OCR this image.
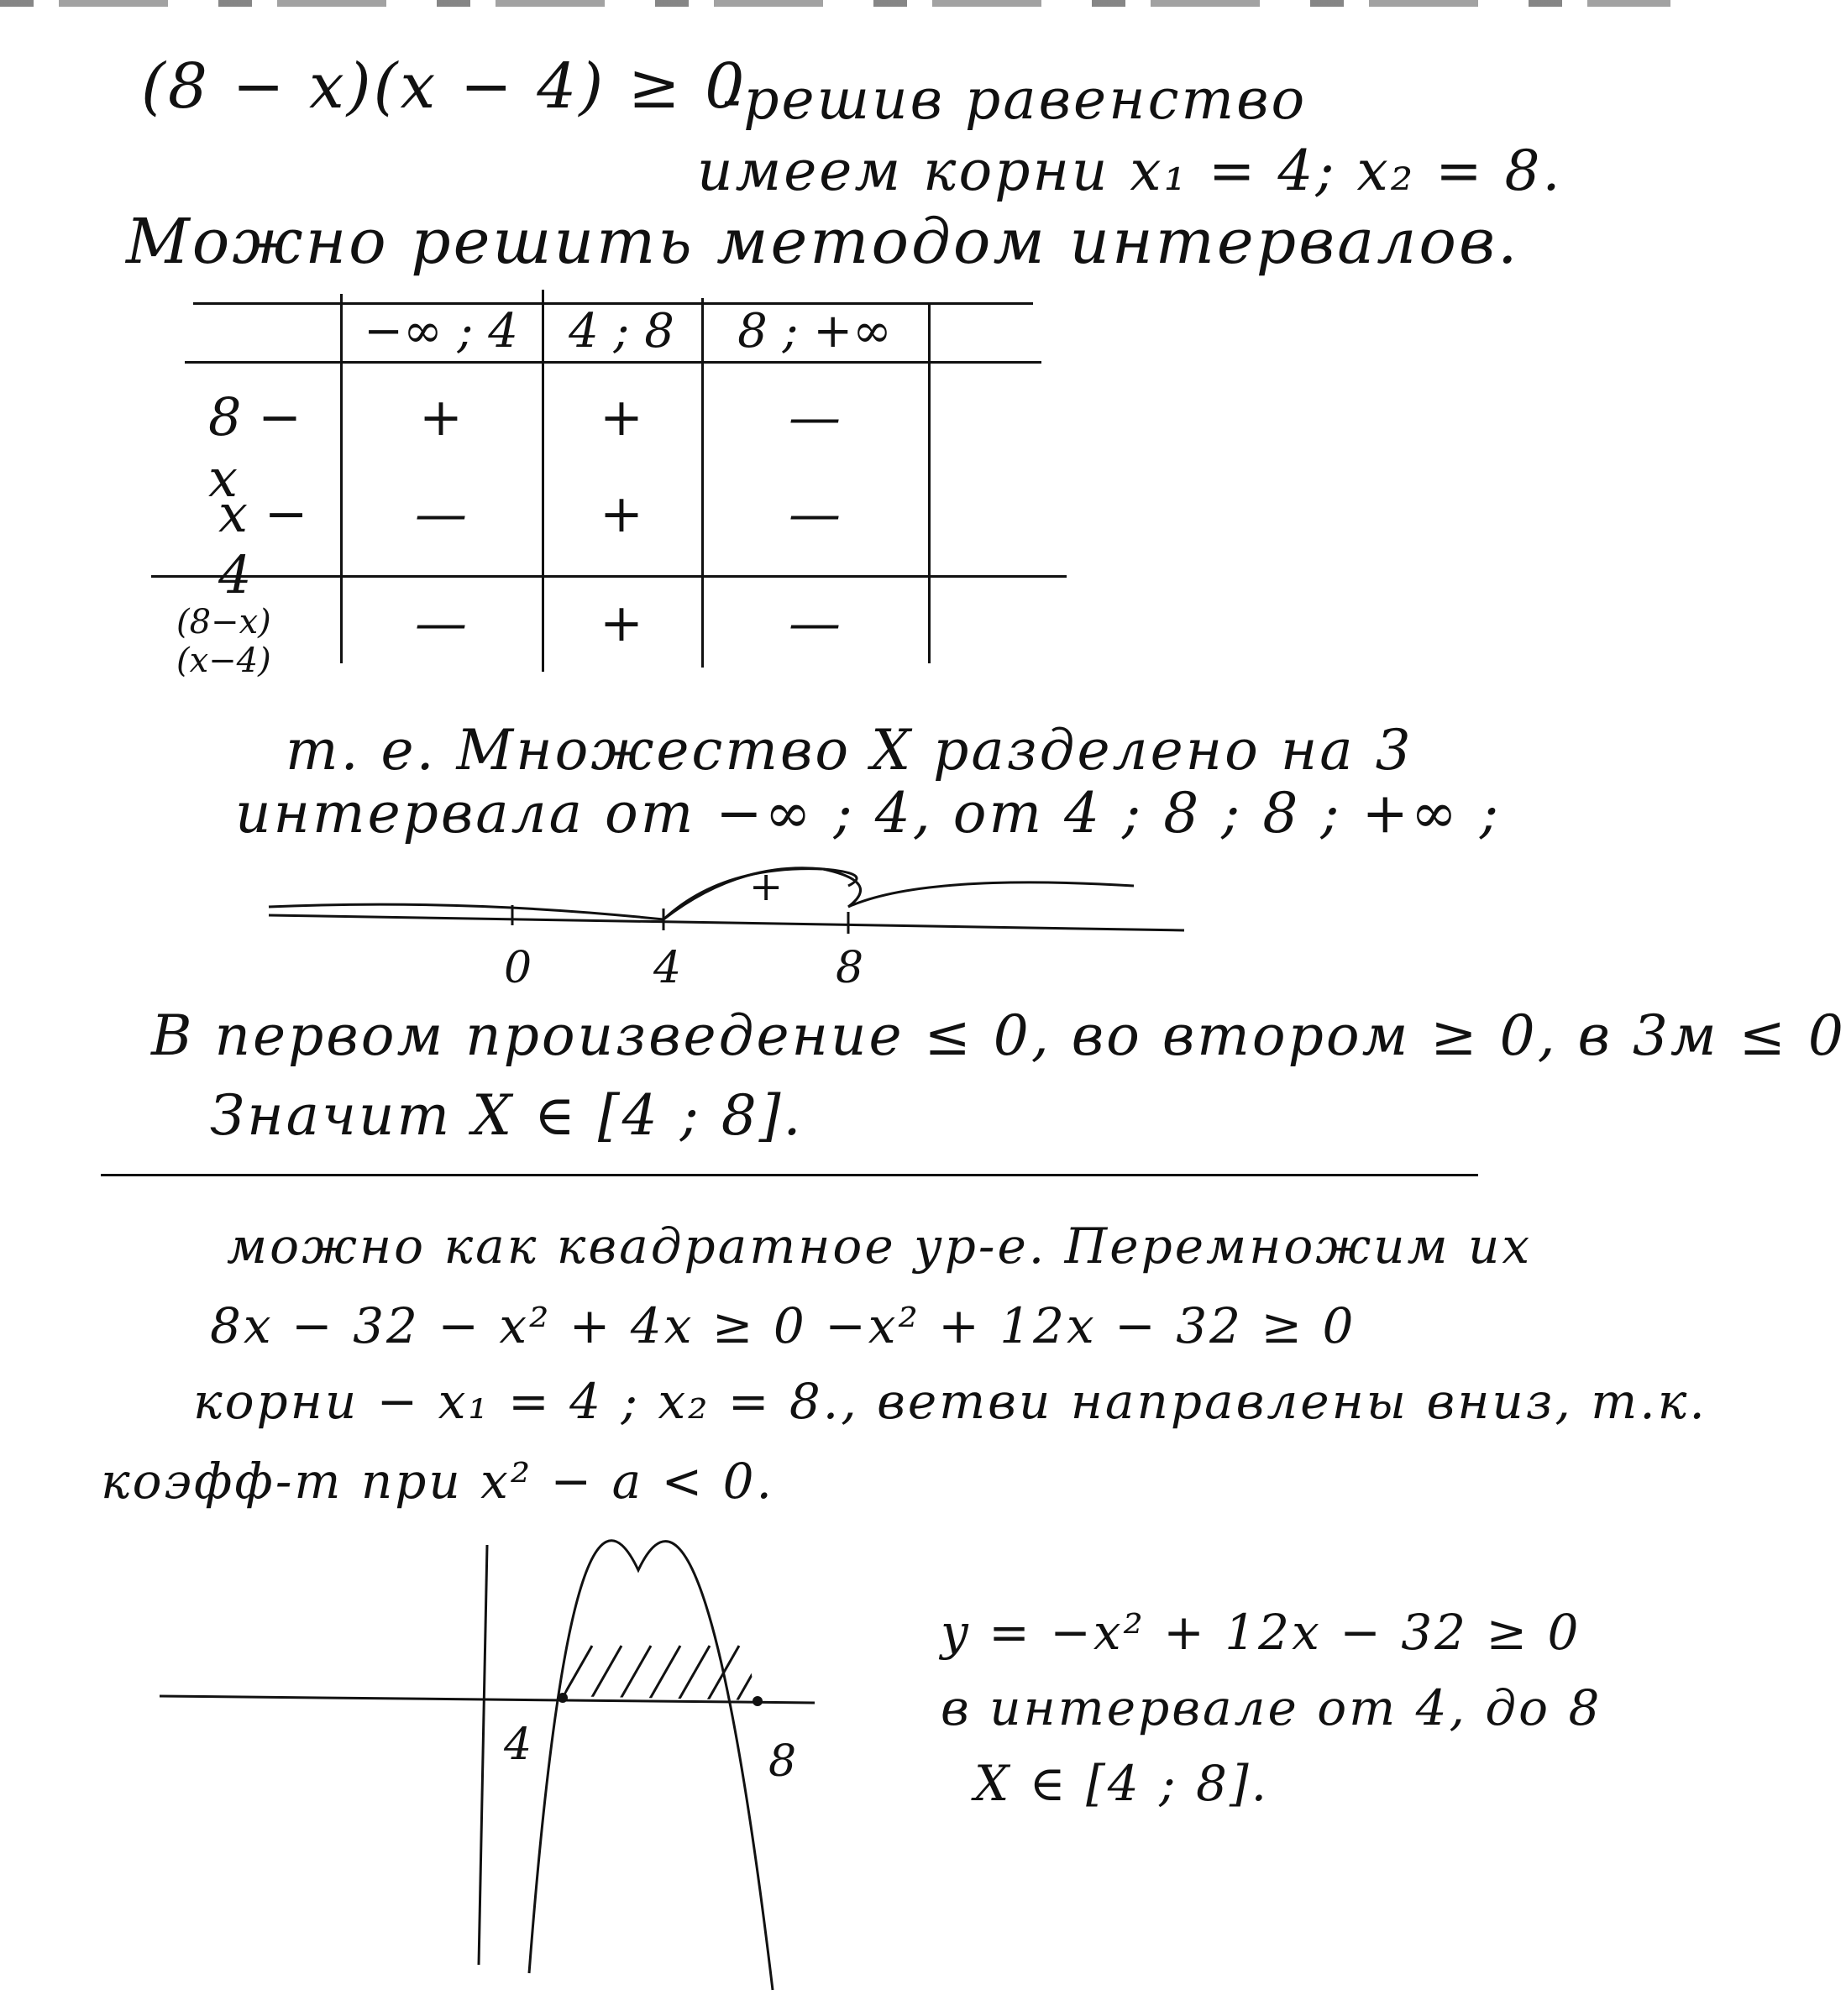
(8 − x)(x − 4) ≥ 0
-решив равенство
имеем корни x₁ = 4; x₂ = 8.
Можно решить методом интервалов.
−∞ ; 4	4 ; 8	8 ; +∞
8 − x
+	+	—
x − 4
—	+	—
(8−x)(x−4)
—	+	—
т. е. Множество X разделено на 3
интервала от −∞ ; 4, от 4 ; 8 ; 8 ; +∞ ;
+
0	4	8
В первом произведение ≤ 0, во втором ≥ 0, в 3м ≤ 0
Значит X ∈ [4 ; 8].
можно как квадратное ур-е. Перемножим их
8x − 32 − x² + 4x ≥ 0 −x² + 12x − 32 ≥ 0
корни − x₁ = 4 ; x₂ = 8., ветви направлены вниз, т.к.
коэфф-т при x² − a < 0.
4	8
y = −x² + 12x − 32 ≥ 0
в интервале от 4, до 8
X ∈ [4 ; 8].
